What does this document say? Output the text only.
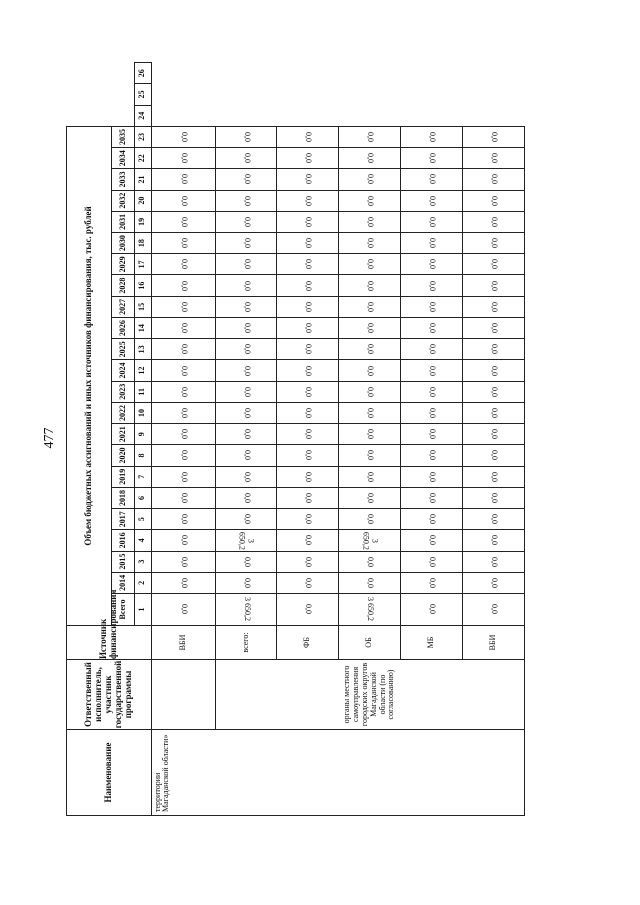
477
Наименование	Ответственный исполнитель, участник государственной программы	Источник финансирования	Объем бюджетных ассигнований и иных источников финансирования, тыс. рублей																									
			Всего	2014	2015	2016	2017	2018	2019	2020	2021	2022	2023	2024	2025	2026	2027	2028	2029	2030	2031	2032	2033	2034	2035			
			1	2	3	4	5	6	7	8	9	10	11	12	13	14	15	16	17	18	19	20	21	22	23	24	25	26
территории Магаданской области»		ВБИ	0,0	0,0	0,0	0,0	0,0	0,0	0,0	0,0	0,0	0,0	0,0	0,0	0,0	0,0	0,0	0,0	0,0	0,0	0,0	0,0	0,0	0,0	0,0			
	органы местного самоуправления городских округов Магаданской области (по согласованию)	всего:	3 650,2	0,0	0,0	3 650,2	0,0	0,0	0,0	0,0	0,0	0,0	0,0	0,0	0,0	0,0	0,0	0,0	0,0	0,0	0,0	0,0	0,0	0,0	0,0			
		ФБ	0,0	0,0	0,0	0,0	0,0	0,0	0,0	0,0	0,0	0,0	0,0	0,0	0,0	0,0	0,0	0,0	0,0	0,0	0,0	0,0	0,0	0,0	0,0			
		ОБ	3 650,2	0,0	0,0	3 650,2	0,0	0,0	0,0	0,0	0,0	0,0	0,0	0,0	0,0	0,0	0,0	0,0	0,0	0,0	0,0	0,0	0,0	0,0	0,0			
		МБ	0,0	0,0	0,0	0,0	0,0	0,0	0,0	0,0	0,0	0,0	0,0	0,0	0,0	0,0	0,0	0,0	0,0	0,0	0,0	0,0	0,0	0,0	0,0			
		ВБИ	0,0	0,0	0,0	0,0	0,0	0,0	0,0	0,0	0,0	0,0	0,0	0,0	0,0	0,0	0,0	0,0	0,0	0,0	0,0	0,0	0,0	0,0	0,0			
